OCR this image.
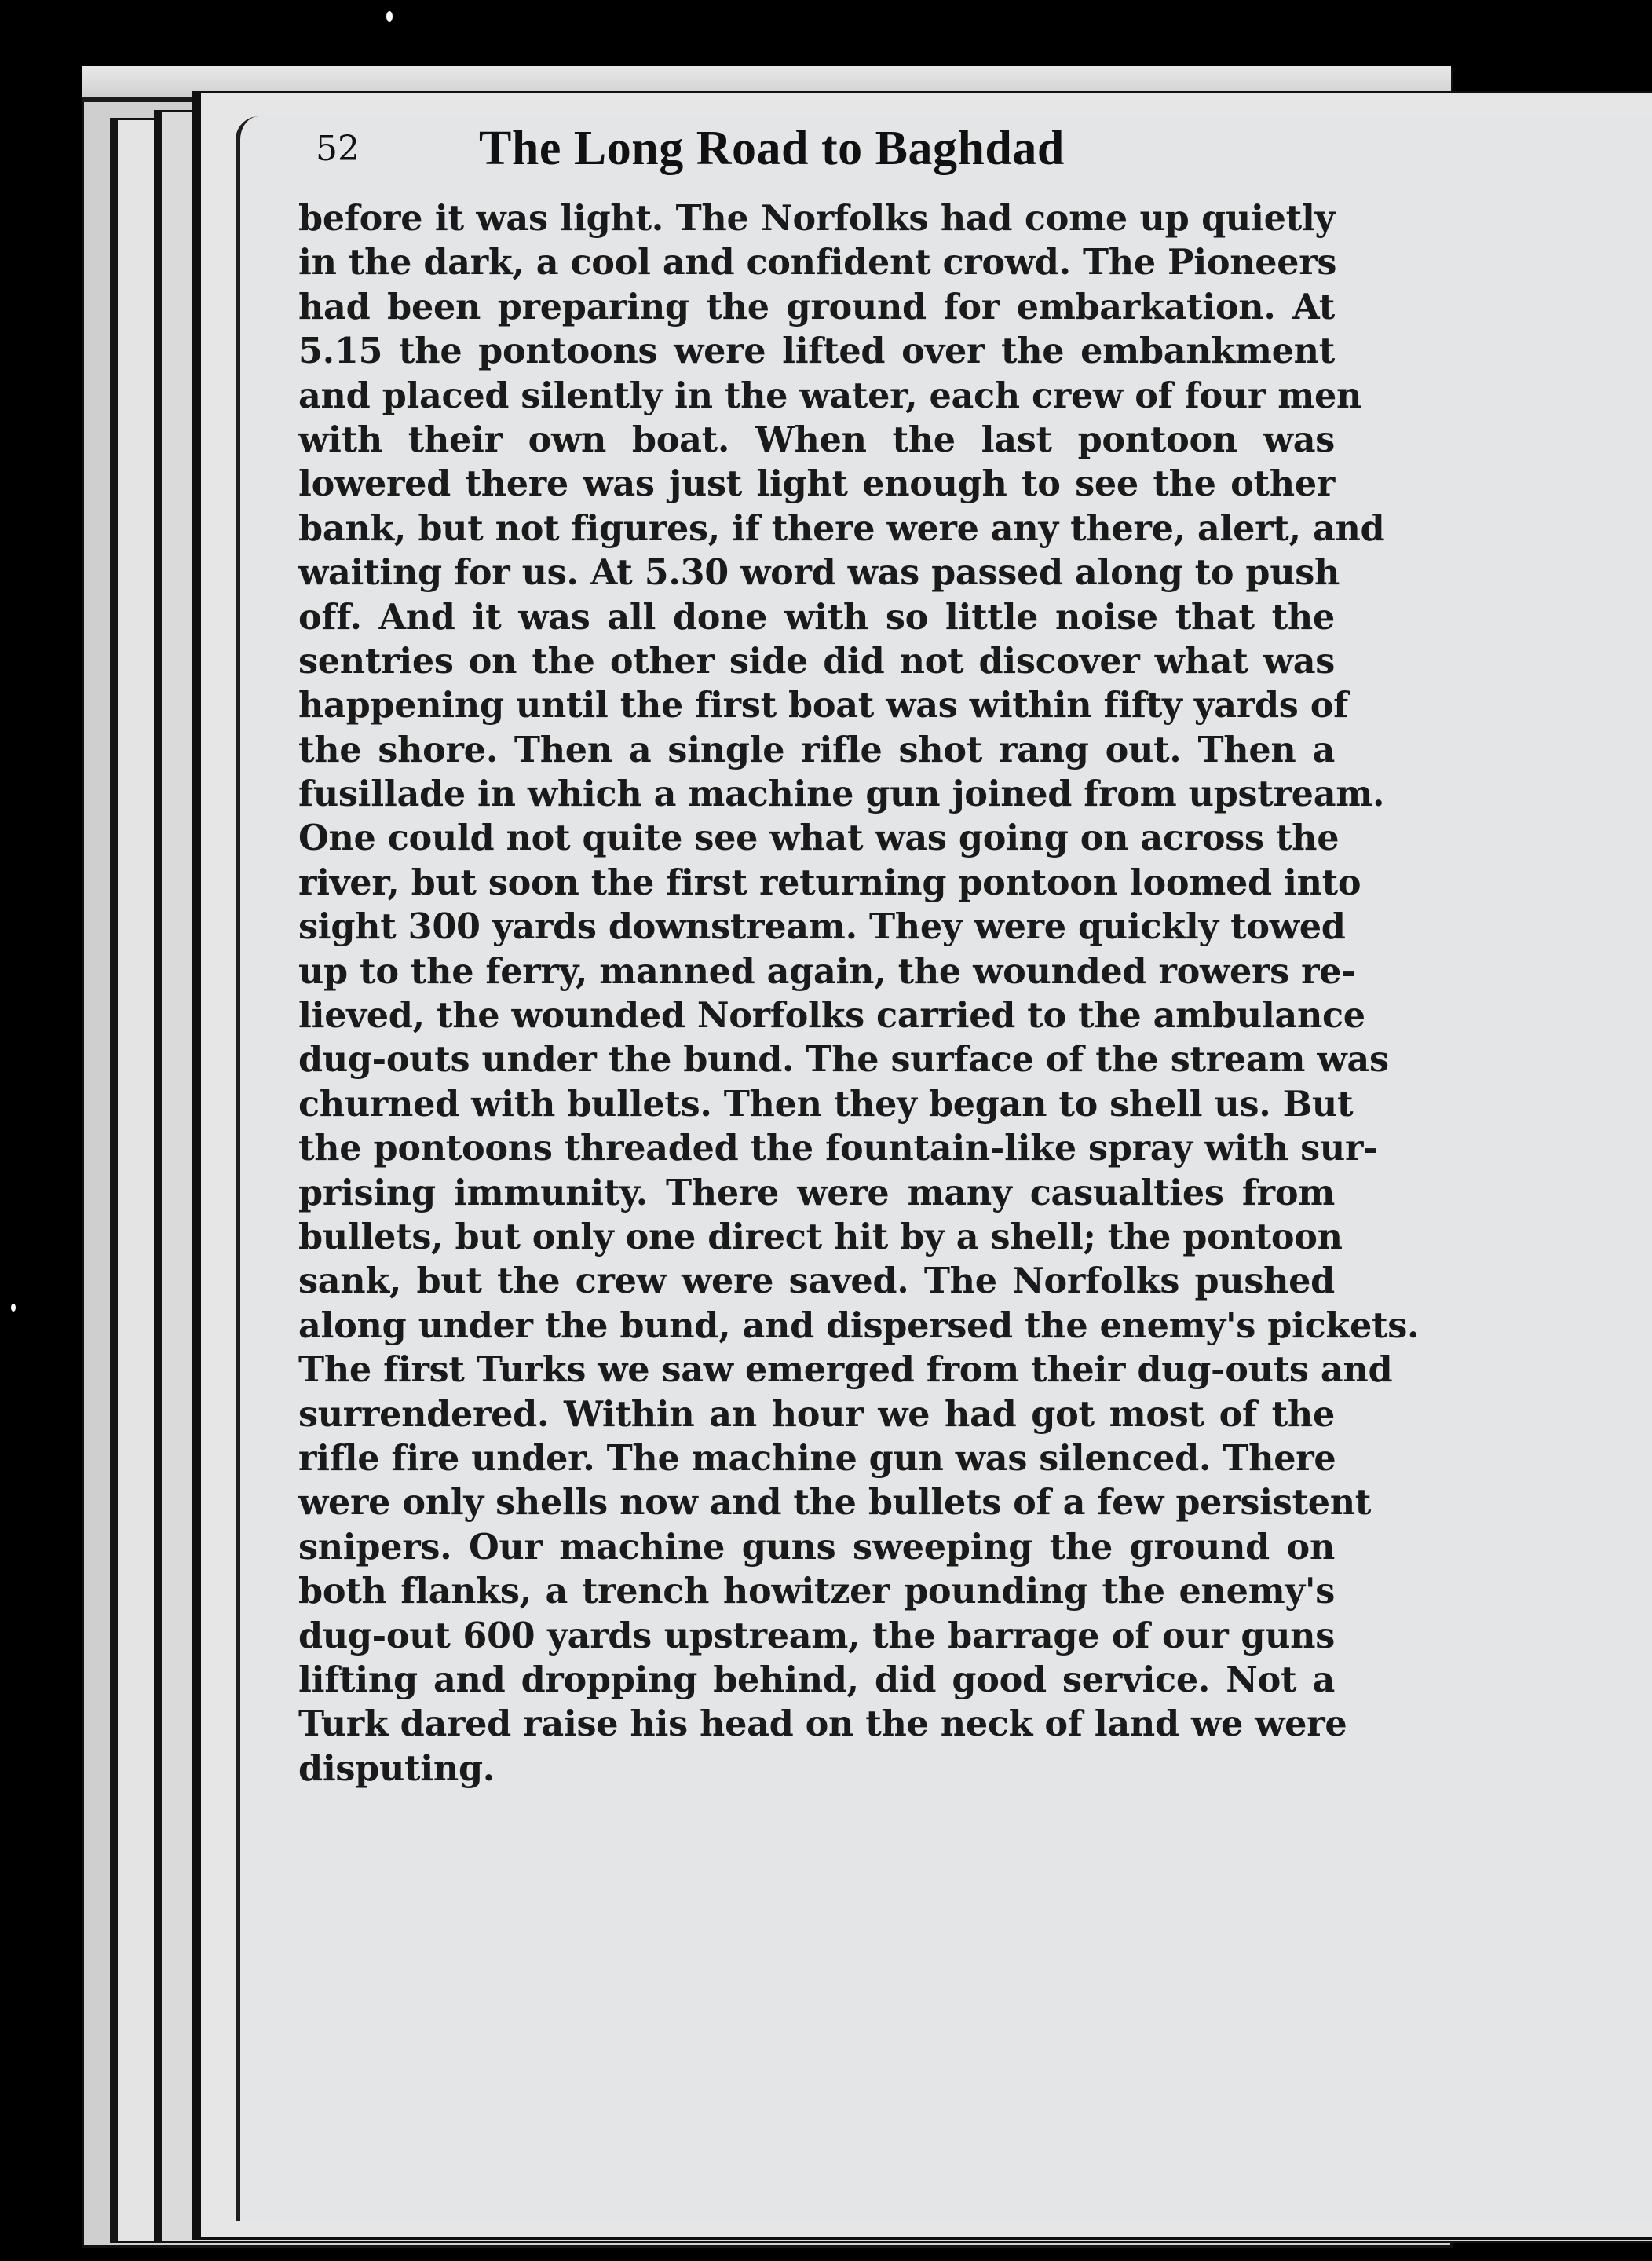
52 The Long Road to Baghdad
before it was light. The Norfolks had come up quietly
in the dark, a cool and confident crowd. The Pioneers
had been preparing the ground for embarkation. At
5.15 the pontoons were lifted over the embankment
and placed silently in the water, each crew of four men
with their own boat. When the last pontoon was
lowered there was just light enough to see the other
bank, but not figures, if there were any there, alert, and
waiting for us. At 5.30 word was passed along to push
off. And it was all done with so little noise that the
sentries on the other side did not discover what was
happening until the first boat was within fifty yards of
the shore. Then a single rifle shot rang out. Then a
fusillade in which a machine gun joined from upstream.
One could not quite see what was going on across the
river, but soon the first returning pontoon loomed into
sight 300 yards downstream. They were quickly towed
up to the ferry, manned again, the wounded rowers re-
lieved, the wounded Norfolks carried to the ambulance
dug-outs under the bund. The surface of the stream was
churned with bullets. Then they began to shell us. But
the pontoons threaded the fountain-like spray with sur-
prising immunity. There were many casualties from
bullets, but only one direct hit by a shell; the pontoon
sank, but the crew were saved. The Norfolks pushed
along under the bund, and dispersed the enemy's pickets.
The first Turks we saw emerged from their dug-outs and
surrendered. Within an hour we had got most of the
rifle fire under. The machine gun was silenced. There
were only shells now and the bullets of a few persistent
snipers. Our machine guns sweeping the ground on
both flanks, a trench howitzer pounding the enemy's
dug-out 600 yards upstream, the barrage of our guns
lifting and dropping behind, did good service. Not a
Turk dared raise his head on the neck of land we were
disputing.
